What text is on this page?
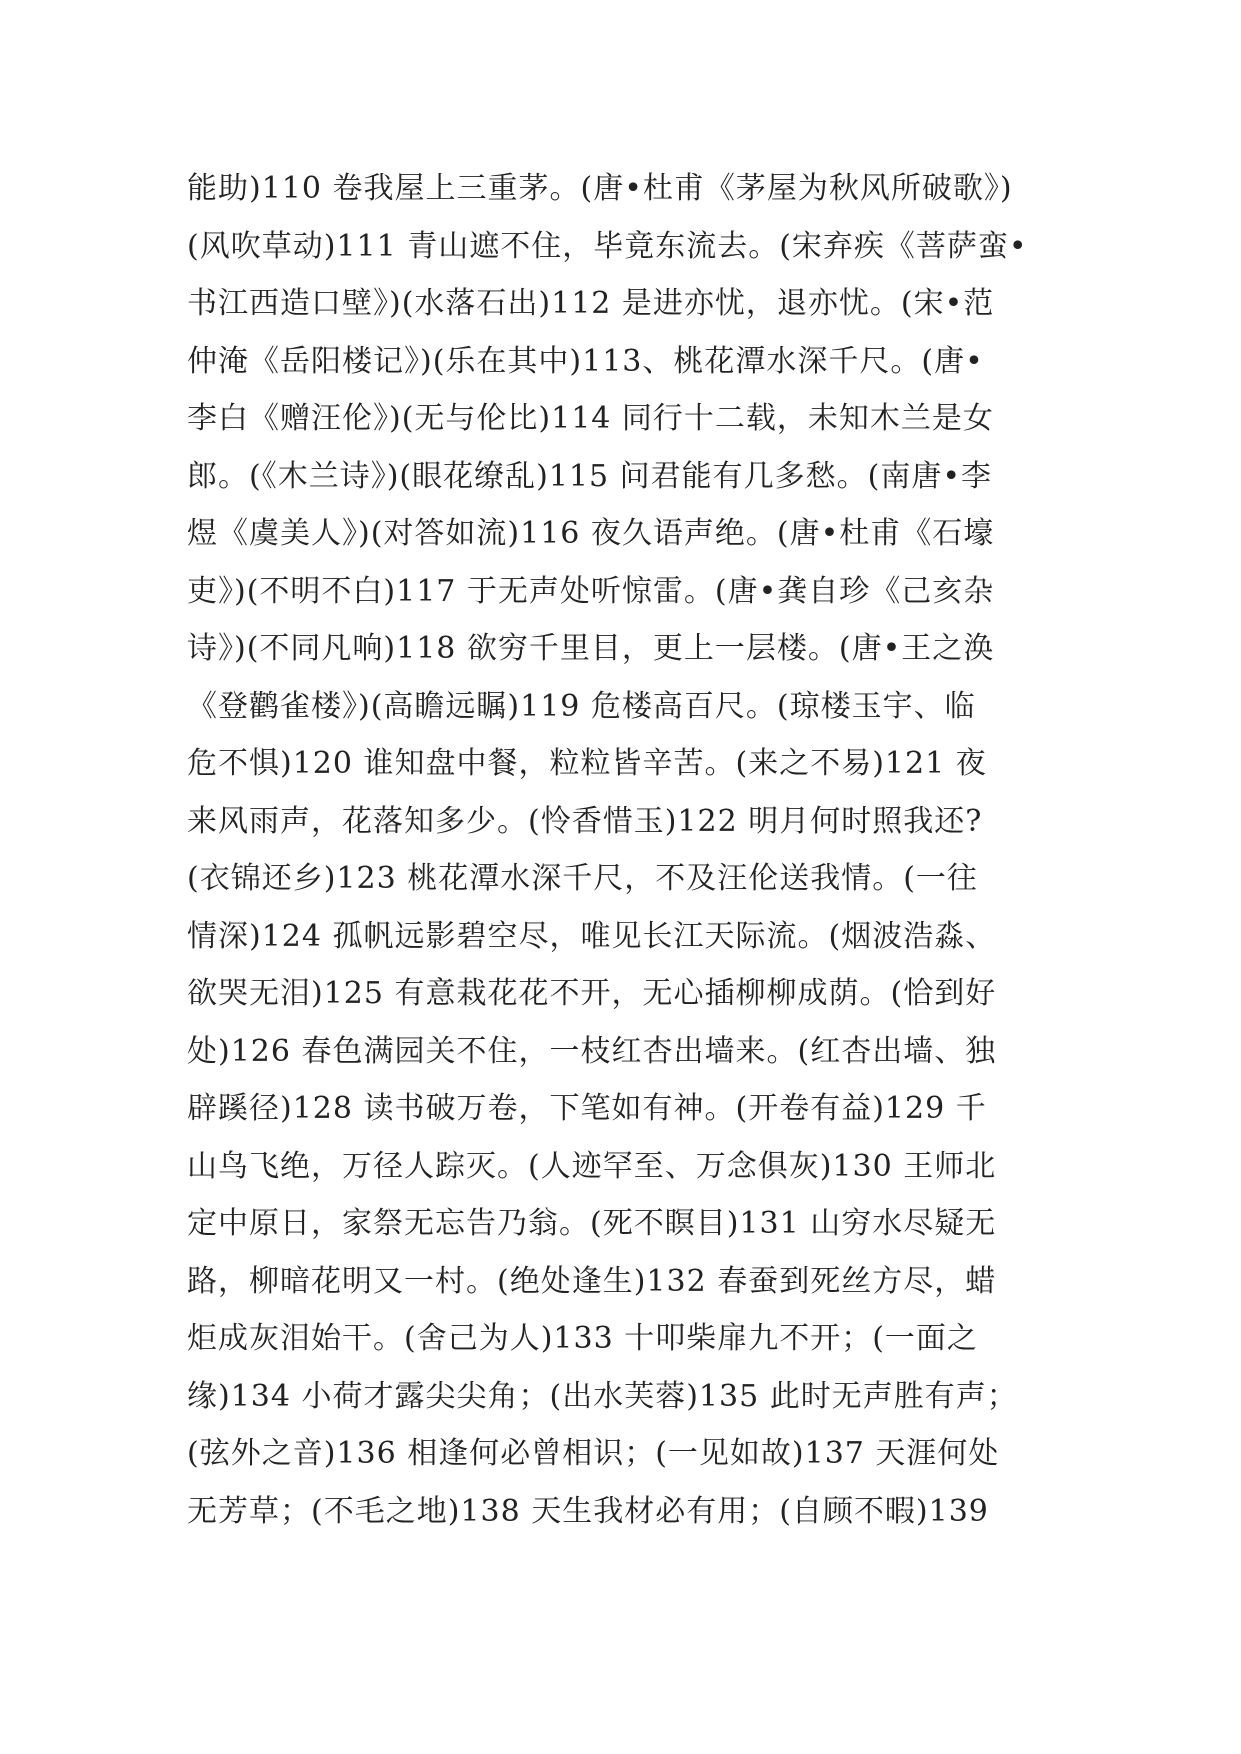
能助)110 卷我屋上三重茅。(唐•杜甫《茅屋为秋风所破歌》)
(风吹草动)111 青山遮不住，毕竟东流去。(宋弃疾《菩萨蛮•
书江西造口壁》)(水落石出)112 是进亦忧，退亦忧。(宋•范
仲淹《岳阳楼记》)(乐在其中)113、桃花潭水深千尺。(唐•
李白《赠汪伦》)(无与伦比)114 同行十二载，未知木兰是女
郎。(《木兰诗》)(眼花缭乱)115 问君能有几多愁。(南唐•李
煜《虞美人》)(对答如流)116 夜久语声绝。(唐•杜甫《石壕
吏》)(不明不白)117 于无声处听惊雷。(唐•龚自珍《己亥杂
诗》)(不同凡响)118 欲穷千里目，更上一层楼。(唐•王之涣
《登鹳雀楼》)(高瞻远瞩)119 危楼高百尺。(琼楼玉宇、临
危不惧)120 谁知盘中餐，粒粒皆辛苦。(来之不易)121 夜
来风雨声，花落知多少。(怜香惜玉)122 明月何时照我还?
(衣锦还乡)123 桃花潭水深千尺，不及汪伦送我情。(一往
情深)124 孤帆远影碧空尽，唯见长江天际流。(烟波浩淼、
欲哭无泪)125 有意栽花花不开，无心插柳柳成荫。(恰到好
处)126 春色满园关不住，一枝红杏出墙来。(红杏出墙、独
辟蹊径)128 读书破万卷，下笔如有神。(开卷有益)129 千
山鸟飞绝，万径人踪灭。(人迹罕至、万念俱灰)130 王师北
定中原日，家祭无忘告乃翁。(死不瞑目)131 山穷水尽疑无
路，柳暗花明又一村。(绝处逢生)132 春蚕到死丝方尽，蜡
炬成灰泪始干。(舍己为人)133 十叩柴扉九不开；(一面之
缘)134 小荷才露尖尖角；(出水芙蓉)135 此时无声胜有声；
(弦外之音)136 相逢何必曾相识；(一见如故)137 天涯何处
无芳草；(不毛之地)138 天生我材必有用；(自顾不暇)139
